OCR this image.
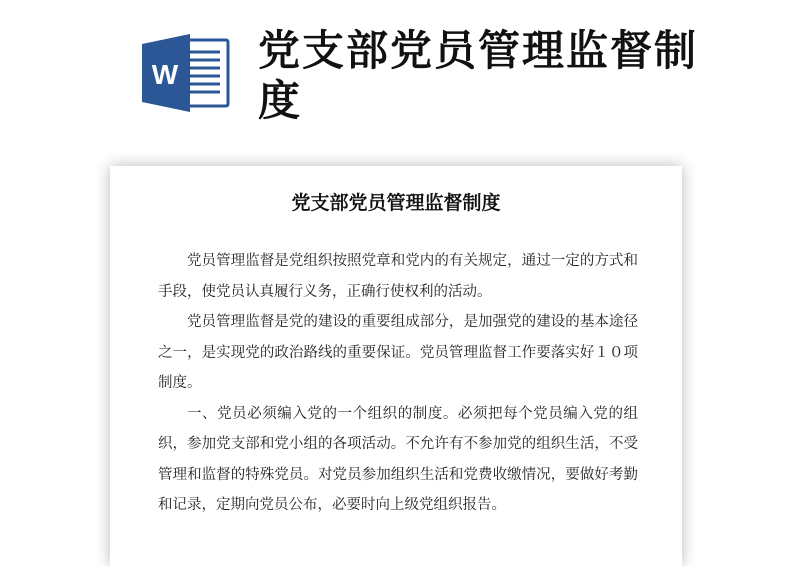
W 党支部党员管理监督制度
党支部党员管理监督制度

党员管理监督是党组织按照党章和党内的有关规定，通过一定的方式和手段，使党员认真履行义务，正确行使权利的活动。

党员管理监督是党的建设的重要组成部分，是加强党的建设的基本途径之一，是实现党的政治路线的重要保证。党员管理监督工作要落实好１０项制度。

一、党员必须编入党的一个组织的制度。必须把每个党员编入党的组织，参加党支部和党小组的各项活动。不允许有不参加党的组织生活，不受管理和监督的特殊党员。对党员参加组织生活和党费收缴情况，要做好考勤和记录，定期向党员公布，必要时向上级党组织报告。
